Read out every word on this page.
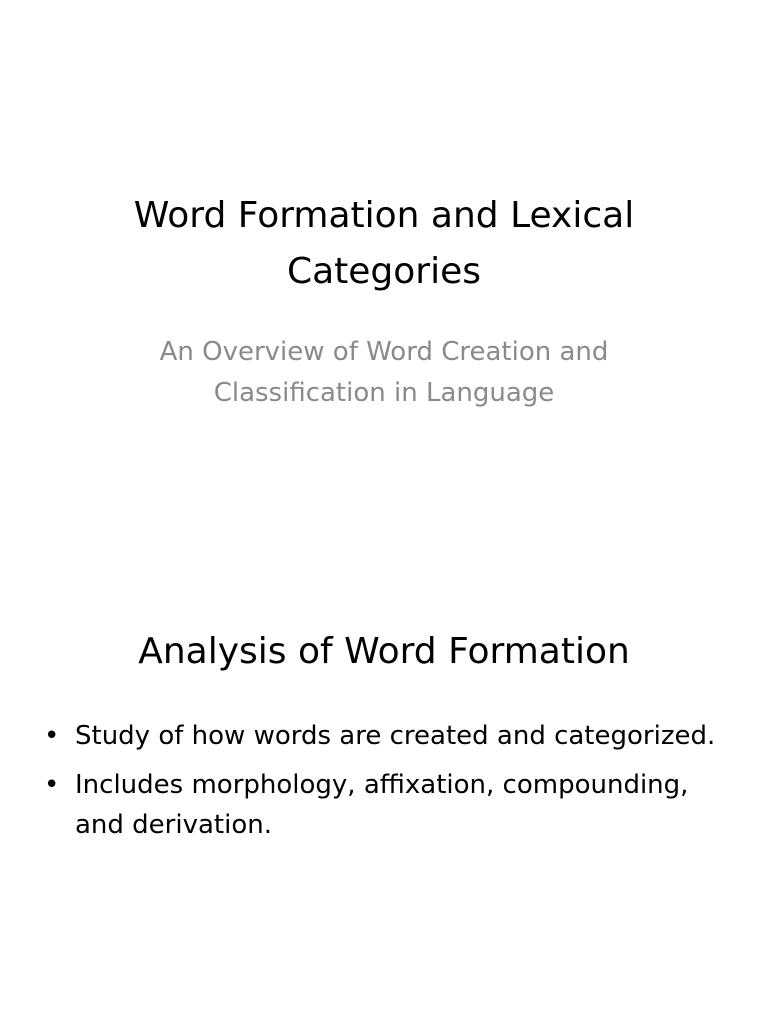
Word Formation and Lexical Categories

An Overview of Word Creation and Classification in Language

Analysis of Word Formation
• Study of how words are created and categorized.
• Includes morphology, affixation, compounding, and derivation.
